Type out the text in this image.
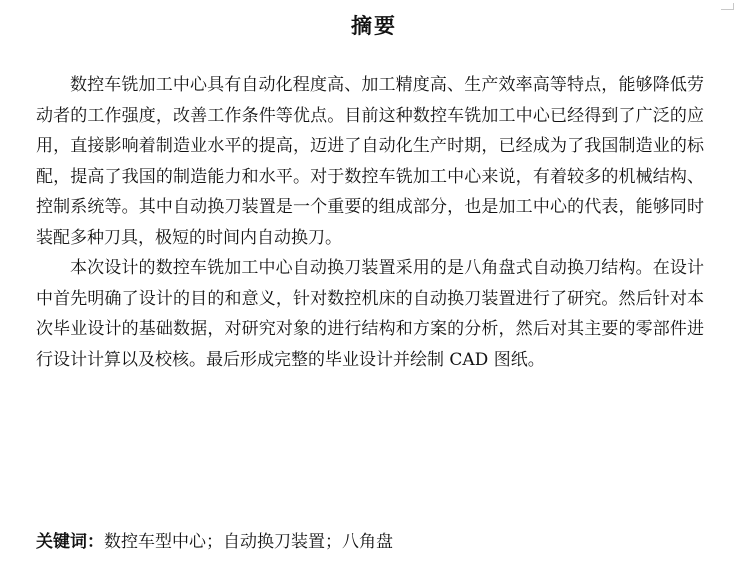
摘要

数控车铣加工中心具有自动化程度高、加工精度高、生产效率高等特点，能够降低劳动者的工作强度，改善工作条件等优点。目前这种数控车铣加工中心已经得到了广泛的应用，直接影响着制造业水平的提高，迈进了自动化生产时期，已经成为了我国制造业的标配，提高了我国的制造能力和水平。对于数控车铣加工中心来说，有着较多的机械结构、控制系统等。其中自动换刀装置是一个重要的组成部分，也是加工中心的代表，能够同时装配多种刀具，极短的时间内自动换刀。

本次设计的数控车铣加工中心自动换刀装置采用的是八角盘式自动换刀结构。在设计中首先明确了设计的目的和意义，针对数控机床的自动换刀装置进行了研究。然后针对本次毕业设计的基础数据，对研究对象的进行结构和方案的分析，然后对其主要的零部件进行设计计算以及校核。最后形成完整的毕业设计并绘制 CAD 图纸。

关键词：数控车型中心；自动换刀装置；八角盘
